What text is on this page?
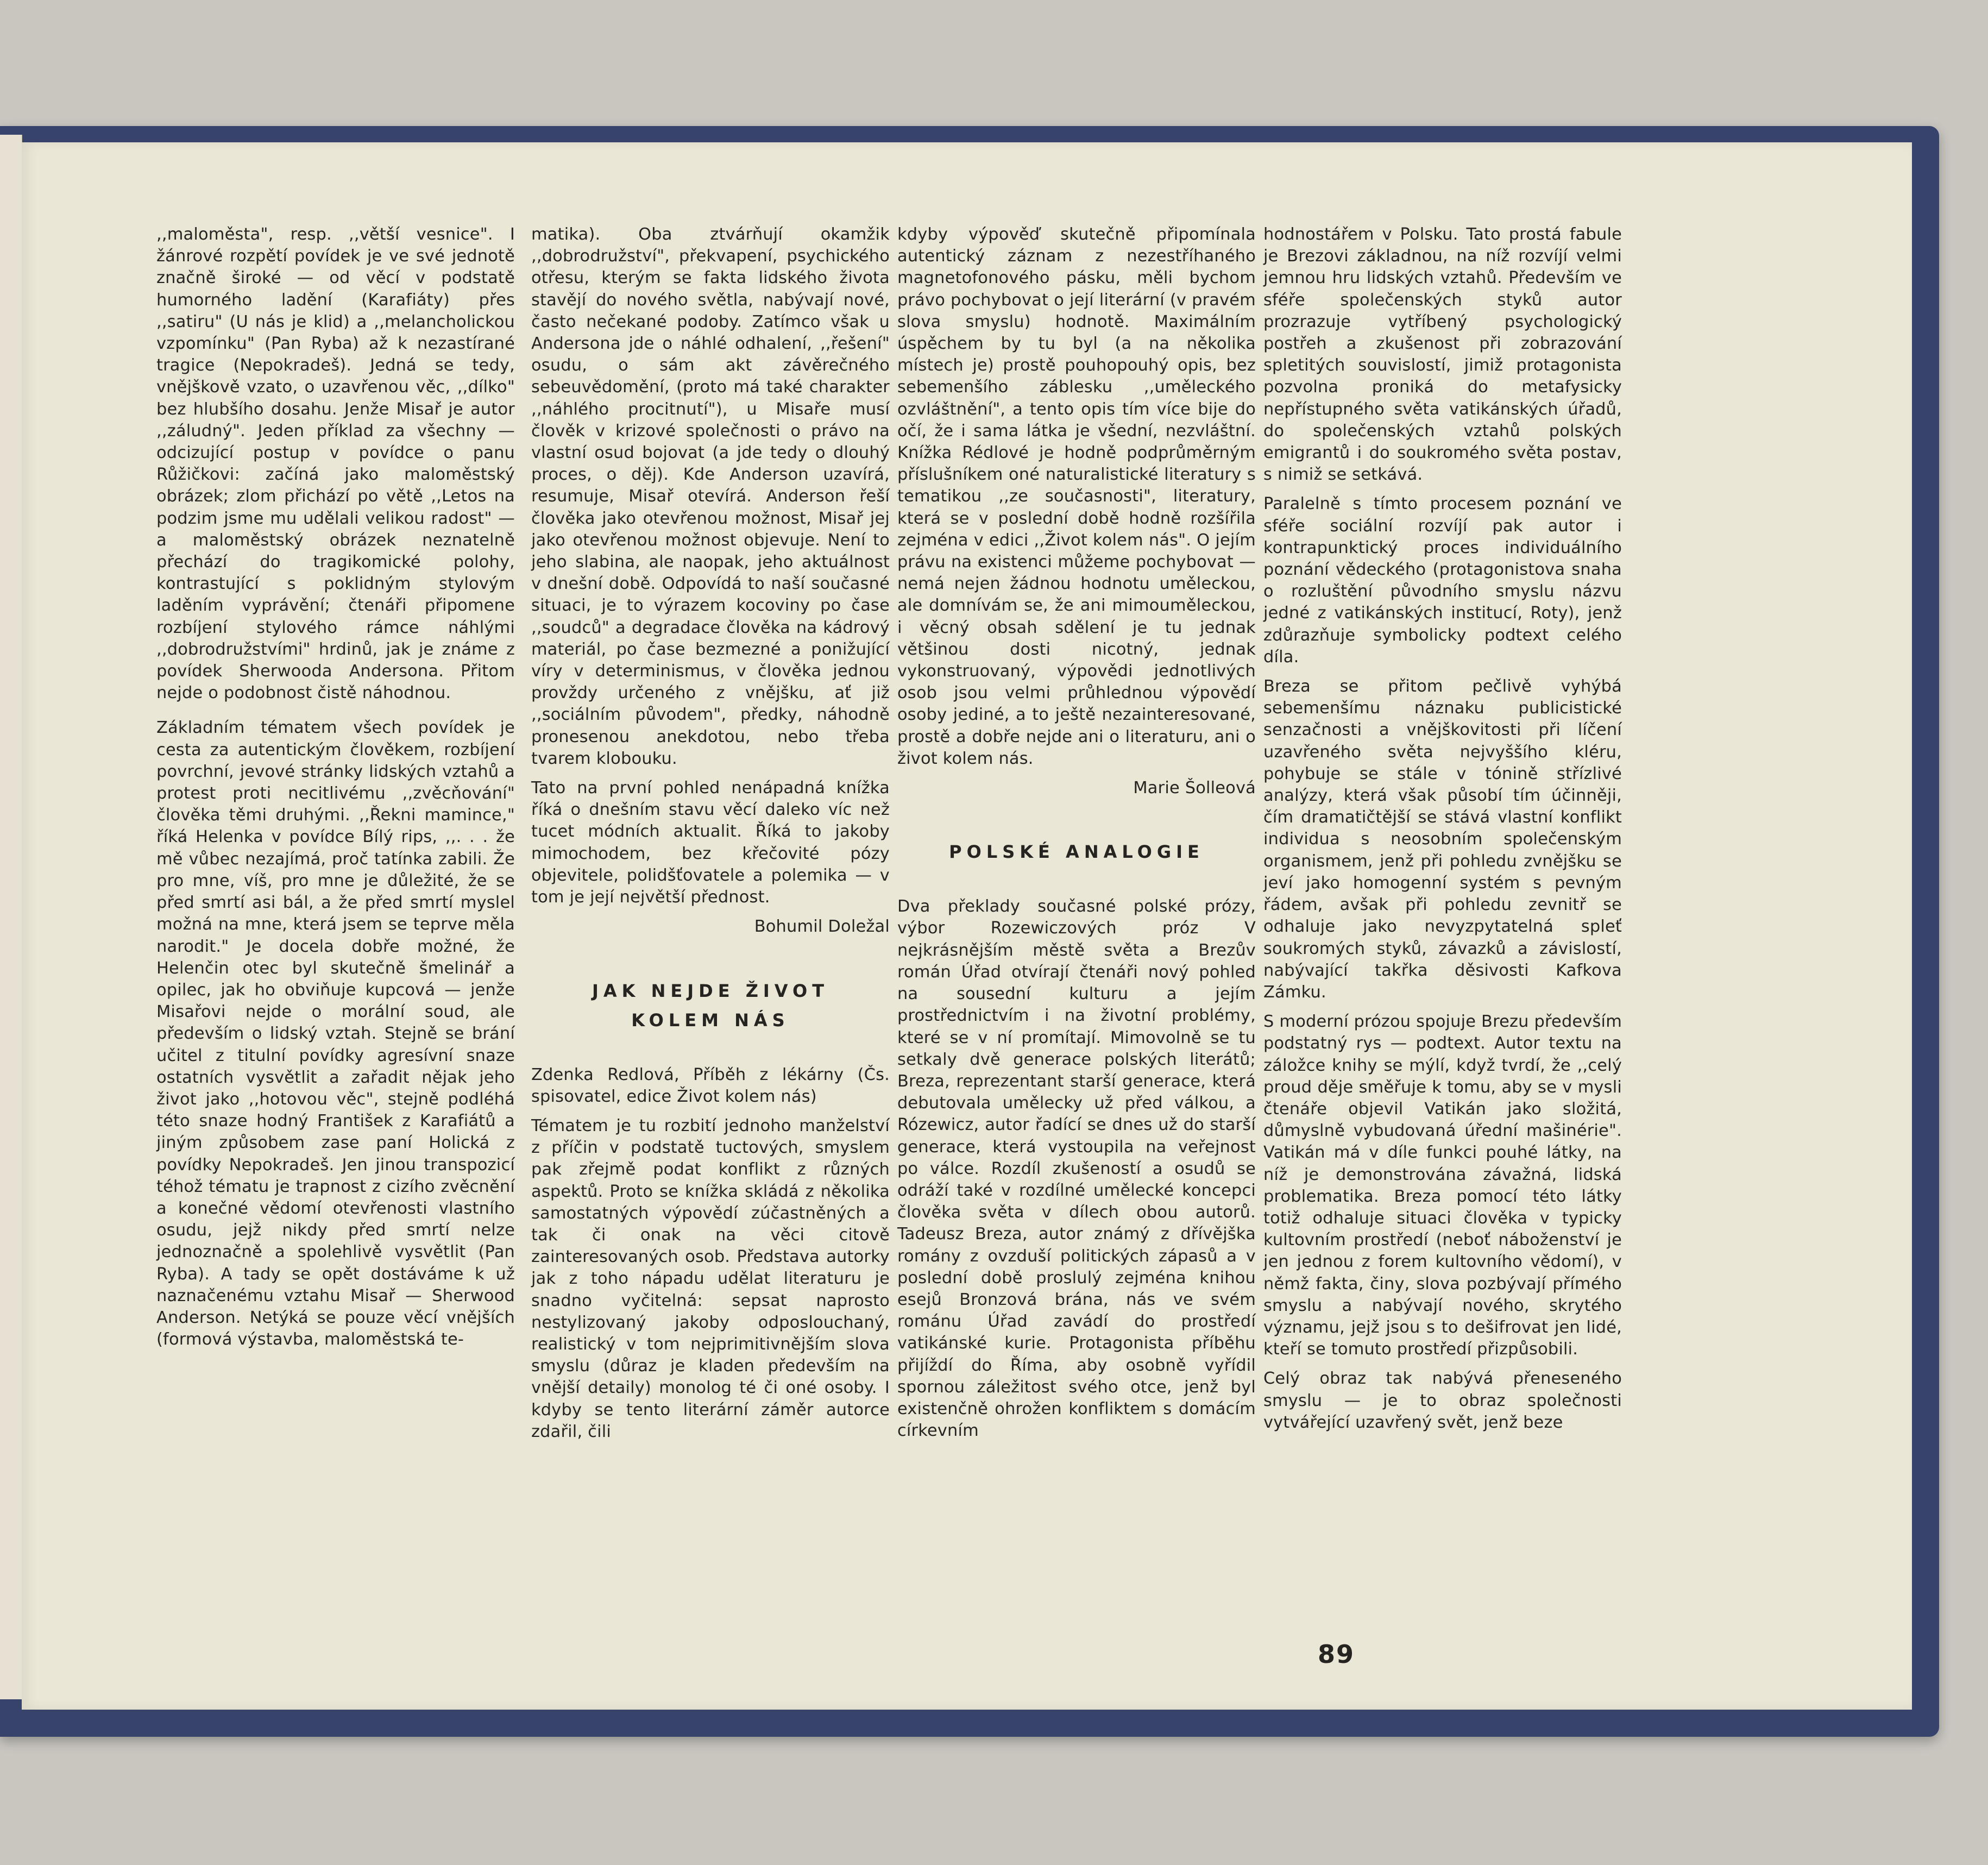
,,maloměsta", resp. ,,větší vesnice". I žánrové rozpětí povídek je ve své jednotě značně široké — od věcí v podstatě humorného ladění (Karafiáty) přes ,,satiru" (U nás je klid) a ,,melancholickou vzpomínku" (Pan Ryba) až k nezastírané tragice (Nepokradeš). Jedná se tedy, vnějškově vzato, o uzavřenou věc, ,,dílko" bez hlubšího dosahu. Jenže Misař je autor ,,záludný". Jeden příklad za všechny — odcizující postup v povídce o panu Růžičkovi: začíná jako maloměstský obrázek; zlom přichází po větě ,,Letos na podzim jsme mu udělali velikou radost" — a maloměstský obrázek neznatelně přechází do tragikomické polohy, kontrastující s poklidným stylovým laděním vyprávění; čtenáři připomene rozbíjení stylového rámce náhlými ,,dobrodružstvími" hrdinů, jak je známe z povídek Sherwooda Andersona. Přitom nejde o podobnost čistě náhodnou.

Základním tématem všech povídek je cesta za autentickým člověkem, rozbíjení povrchní, jevové stránky lidských vztahů a protest proti necitlivému ,,zvěcňování" člověka těmi druhými. ,,Řekni mamince," říká Helenka v povídce Bílý rips, ,,. . . že mě vůbec nezajímá, proč tatínka zabili. Že pro mne, víš, pro mne je důležité, že se před smrtí asi bál, a že před smrtí myslel možná na mne, která jsem se teprve měla narodit." Je docela dobře možné, že Helenčin otec byl skutečně šmelinář a opilec, jak ho obviňuje kupcová — jenže Misařovi nejde o morální soud, ale především o lidský vztah. Stejně se brání učitel z titulní povídky agresívní snaze ostatních vysvětlit a zařadit nějak jeho život jako ,,hotovou věc", stejně podléhá této snaze hodný František z Karafiátů a jiným způsobem zase paní Holická z povídky Nepokradeš. Jen jinou transpozicí téhož tématu je trapnost z cizího zvěcnění a konečné vědomí otevřenosti vlastního osudu, jejž nikdy před smrtí nelze jednoznačně a spolehlivě vysvětlit (Pan Ryba). A tady se opět dostáváme k už naznačenému vztahu Misař — Sherwood Anderson. Netýká se pouze věcí vnějších (formová výstavba, maloměstská te-

matika). Oba ztvárňují okamžik ,,dobrodružství", překvapení, psychického otřesu, kterým se fakta lidského života stavějí do nového světla, nabývají nové, často nečekané podoby. Zatímco však u Andersona jde o náhlé odhalení, ,,řešení" osudu, o sám akt závěrečného sebeuvědomění, (proto má také charakter ,,náhlého procitnutí"), u Misaře musí člověk v krizové společnosti o právo na vlastní osud bojovat (a jde tedy o dlouhý proces, o děj). Kde Anderson uzavírá, resumuje, Misař otevírá. Anderson řeší člověka jako otevřenou možnost, Misař jej jako otevřenou možnost objevuje. Není to jeho slabina, ale naopak, jeho aktuálnost v dnešní době. Odpovídá to naší současné situaci, je to výrazem kocoviny po čase ,,soudců" a degradace člověka na kádrový materiál, po čase bezmezné a ponižující víry v determinismus, v člověka jednou provždy určeného z vnějšku, ať již ,,sociálním původem", předky, náhodně pronesenou anekdotou, nebo třeba tvarem klobouku.

Tato na první pohled nenápadná knížka říká o dnešním stavu věcí daleko víc než tucet módních aktualit. Říká to jakoby mimochodem, bez křečovité pózy objevitele, polidšťovatele a polemika — v tom je její největší přednost.

Bohumil Doležal
JAK NEJDE ŽIVOT
KOLEM NÁS

Zdenka Redlová, Příběh z lékárny (Čs. spisovatel, edice Život kolem nás)

Tématem je tu rozbití jednoho manželství z příčin v podstatě tuctových, smyslem pak zřejmě podat konflikt z různých aspektů. Proto se knížka skládá z několika samostatných výpovědí zúčastněných a tak či onak na věci citově zainteresovaných osob. Představa autorky jak z toho nápadu udělat literaturu je snadno vyčitelná: sepsat naprosto nestylizovaný jakoby odposlouchaný, realistický v tom nejprimitivnějším slova smyslu (důraz je kladen především na vnější detaily) monolog té či oné osoby. I kdyby se tento literární záměr autorce zdařil, čili

kdyby výpověď skutečně připomínala autentický záznam z nezestříhaného magnetofonového pásku, měli bychom právo pochybovat o její literární (v pravém slova smyslu) hodnotě. Maximálním úspěchem by tu byl (a na několika místech je) prostě pouhopouhý opis, bez sebemenšího záblesku ,,uměleckého ozvláštnění", a tento opis tím více bije do očí, že i sama látka je všední, nezvláštní. Knížka Rédlové je hodně podprůměrným příslušníkem oné naturalistické literatury s tematikou ,,ze současnosti", literatury, která se v poslední době hodně rozšířila zejména v edici ,,Život kolem nás". O jejím právu na existenci můžeme pochybovat — nemá nejen žádnou hodnotu uměleckou, ale domnívám se, že ani mimouměleckou, i věcný obsah sdělení je tu jednak většinou dosti nicotný, jednak vykonstruovaný, výpovědi jednotlivých osob jsou velmi průhlednou výpovědí osoby jediné, a to ještě nezainteresované, prostě a dobře nejde ani o literaturu, ani o život kolem nás.

Marie Šolleová
POLSKÉ ANALOGIE

Dva překlady současné polské prózy, výbor Rozewiczových próz V nejkrásnějším městě světa a Brezův román Úřad otvírají čtenáři nový pohled na sousední kulturu a jejím prostřednictvím i na životní problémy, které se v ní promítají. Mimovolně se tu setkaly dvě generace polských literátů; Breza, reprezentant starší generace, která debutovala umělecky už před válkou, a Rózewicz, autor řadící se dnes už do starší generace, která vystoupila na veřejnost po válce. Rozdíl zkušeností a osudů se odráží také v rozdílné umělecké koncepci člověka světa v dílech obou autorů. Tadeusz Breza, autor známý z dřívějška romány z ovzduší politických zápasů a v poslední době proslulý zejména knihou esejů Bronzová brána, nás ve svém románu Úřad zavádí do prostředí vatikánské kurie. Protagonista příběhu přijíždí do Říma, aby osobně vyřídil spornou záležitost svého otce, jenž byl existenčně ohrožen konfliktem s domácím církevním

hodnostářem v Polsku. Tato prostá fabule je Brezovi základnou, na níž rozvíjí velmi jemnou hru lidských vztahů. Především ve sféře společenských styků autor prozrazuje vytříbený psychologický postřeh a zkušenost při zobrazování spletitých souvislostí, jimiž protagonista pozvolna proniká do metafysicky nepřístupného světa vatikánských úřadů, do společenských vztahů polských emigrantů i do soukromého světa postav, s nimiž se setkává.

Paralelně s tímto procesem poznání ve sféře sociální rozvíjí pak autor i kontrapunktický proces individuálního poznání vědeckého (protagonistova snaha o rozluštění původního smyslu názvu jedné z vatikánských institucí, Roty), jenž zdůrazňuje symbolicky podtext celého díla.

Breza se přitom pečlivě vyhýbá sebemenšímu náznaku publicistické senzačnosti a vnějškovitosti při líčení uzavřeného světa nejvyššího kléru, pohybuje se stále v tónině střízlivé analýzy, která však působí tím účinněji, čím dramatičtější se stává vlastní konflikt individua s neosobním společenským organismem, jenž při pohledu zvnějšku se jeví jako homogenní systém s pevným řádem, avšak při pohledu zevnitř se odhaluje jako nevyzpytatelná spleť soukromých styků, závazků a závislostí, nabývající takřka děsivosti Kafkova Zámku.

S moderní prózou spojuje Brezu především podstatný rys — podtext. Autor textu na záložce knihy se mýlí, když tvrdí, že ,,celý proud děje směřuje k tomu, aby se v mysli čtenáře objevil Vatikán jako složitá, důmyslně vybudovaná úřední mašinérie". Vatikán má v díle funkci pouhé látky, na níž je demonstrována závažná, lidská problematika. Breza pomocí této látky totiž odhaluje situaci člověka v typicky kultovním prostředí (neboť náboženství je jen jednou z forem kultovního vědomí), v němž fakta, činy, slova pozbývají přímého smyslu a nabývají nového, skrytého významu, jejž jsou s to dešifrovat jen lidé, kteří se tomuto prostředí přizpůsobili.

Celý obraz tak nabývá přeneseného smyslu — je to obraz společnosti vytvářející uzavřený svět, jenž beze

89
